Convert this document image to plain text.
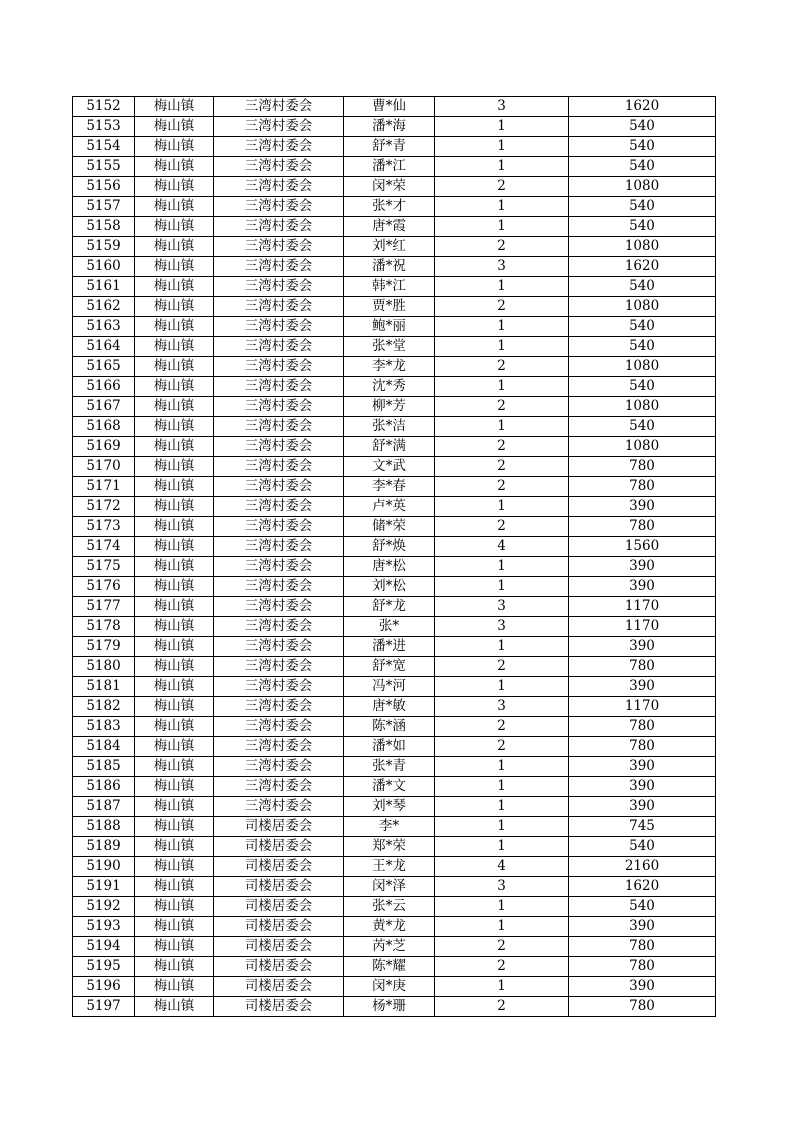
5152	梅山镇	三湾村委会	曹*仙	3	1620
5153	梅山镇	三湾村委会	潘*海	1	540
5154	梅山镇	三湾村委会	舒*青	1	540
5155	梅山镇	三湾村委会	潘*江	1	540
5156	梅山镇	三湾村委会	闵*荣	2	1080
5157	梅山镇	三湾村委会	张*才	1	540
5158	梅山镇	三湾村委会	唐*霞	1	540
5159	梅山镇	三湾村委会	刘*红	2	1080
5160	梅山镇	三湾村委会	潘*祝	3	1620
5161	梅山镇	三湾村委会	韩*江	1	540
5162	梅山镇	三湾村委会	贾*胜	2	1080
5163	梅山镇	三湾村委会	鲍*丽	1	540
5164	梅山镇	三湾村委会	张*堂	1	540
5165	梅山镇	三湾村委会	李*龙	2	1080
5166	梅山镇	三湾村委会	沈*秀	1	540
5167	梅山镇	三湾村委会	柳*芳	2	1080
5168	梅山镇	三湾村委会	张*洁	1	540
5169	梅山镇	三湾村委会	舒*满	2	1080
5170	梅山镇	三湾村委会	文*武	2	780
5171	梅山镇	三湾村委会	李*春	2	780
5172	梅山镇	三湾村委会	卢*英	1	390
5173	梅山镇	三湾村委会	储*荣	2	780
5174	梅山镇	三湾村委会	舒*焕	4	1560
5175	梅山镇	三湾村委会	唐*松	1	390
5176	梅山镇	三湾村委会	刘*松	1	390
5177	梅山镇	三湾村委会	舒*龙	3	1170
5178	梅山镇	三湾村委会	张*	3	1170
5179	梅山镇	三湾村委会	潘*进	1	390
5180	梅山镇	三湾村委会	舒*宽	2	780
5181	梅山镇	三湾村委会	冯*河	1	390
5182	梅山镇	三湾村委会	唐*敏	3	1170
5183	梅山镇	三湾村委会	陈*涵	2	780
5184	梅山镇	三湾村委会	潘*如	2	780
5185	梅山镇	三湾村委会	张*青	1	390
5186	梅山镇	三湾村委会	潘*文	1	390
5187	梅山镇	三湾村委会	刘*琴	1	390
5188	梅山镇	司楼居委会	李*	1	745
5189	梅山镇	司楼居委会	郑*荣	1	540
5190	梅山镇	司楼居委会	王*龙	4	2160
5191	梅山镇	司楼居委会	闵*泽	3	1620
5192	梅山镇	司楼居委会	张*云	1	540
5193	梅山镇	司楼居委会	黄*龙	1	390
5194	梅山镇	司楼居委会	芮*芝	2	780
5195	梅山镇	司楼居委会	陈*耀	2	780
5196	梅山镇	司楼居委会	闵*庚	1	390
5197	梅山镇	司楼居委会	杨*珊	2	780
